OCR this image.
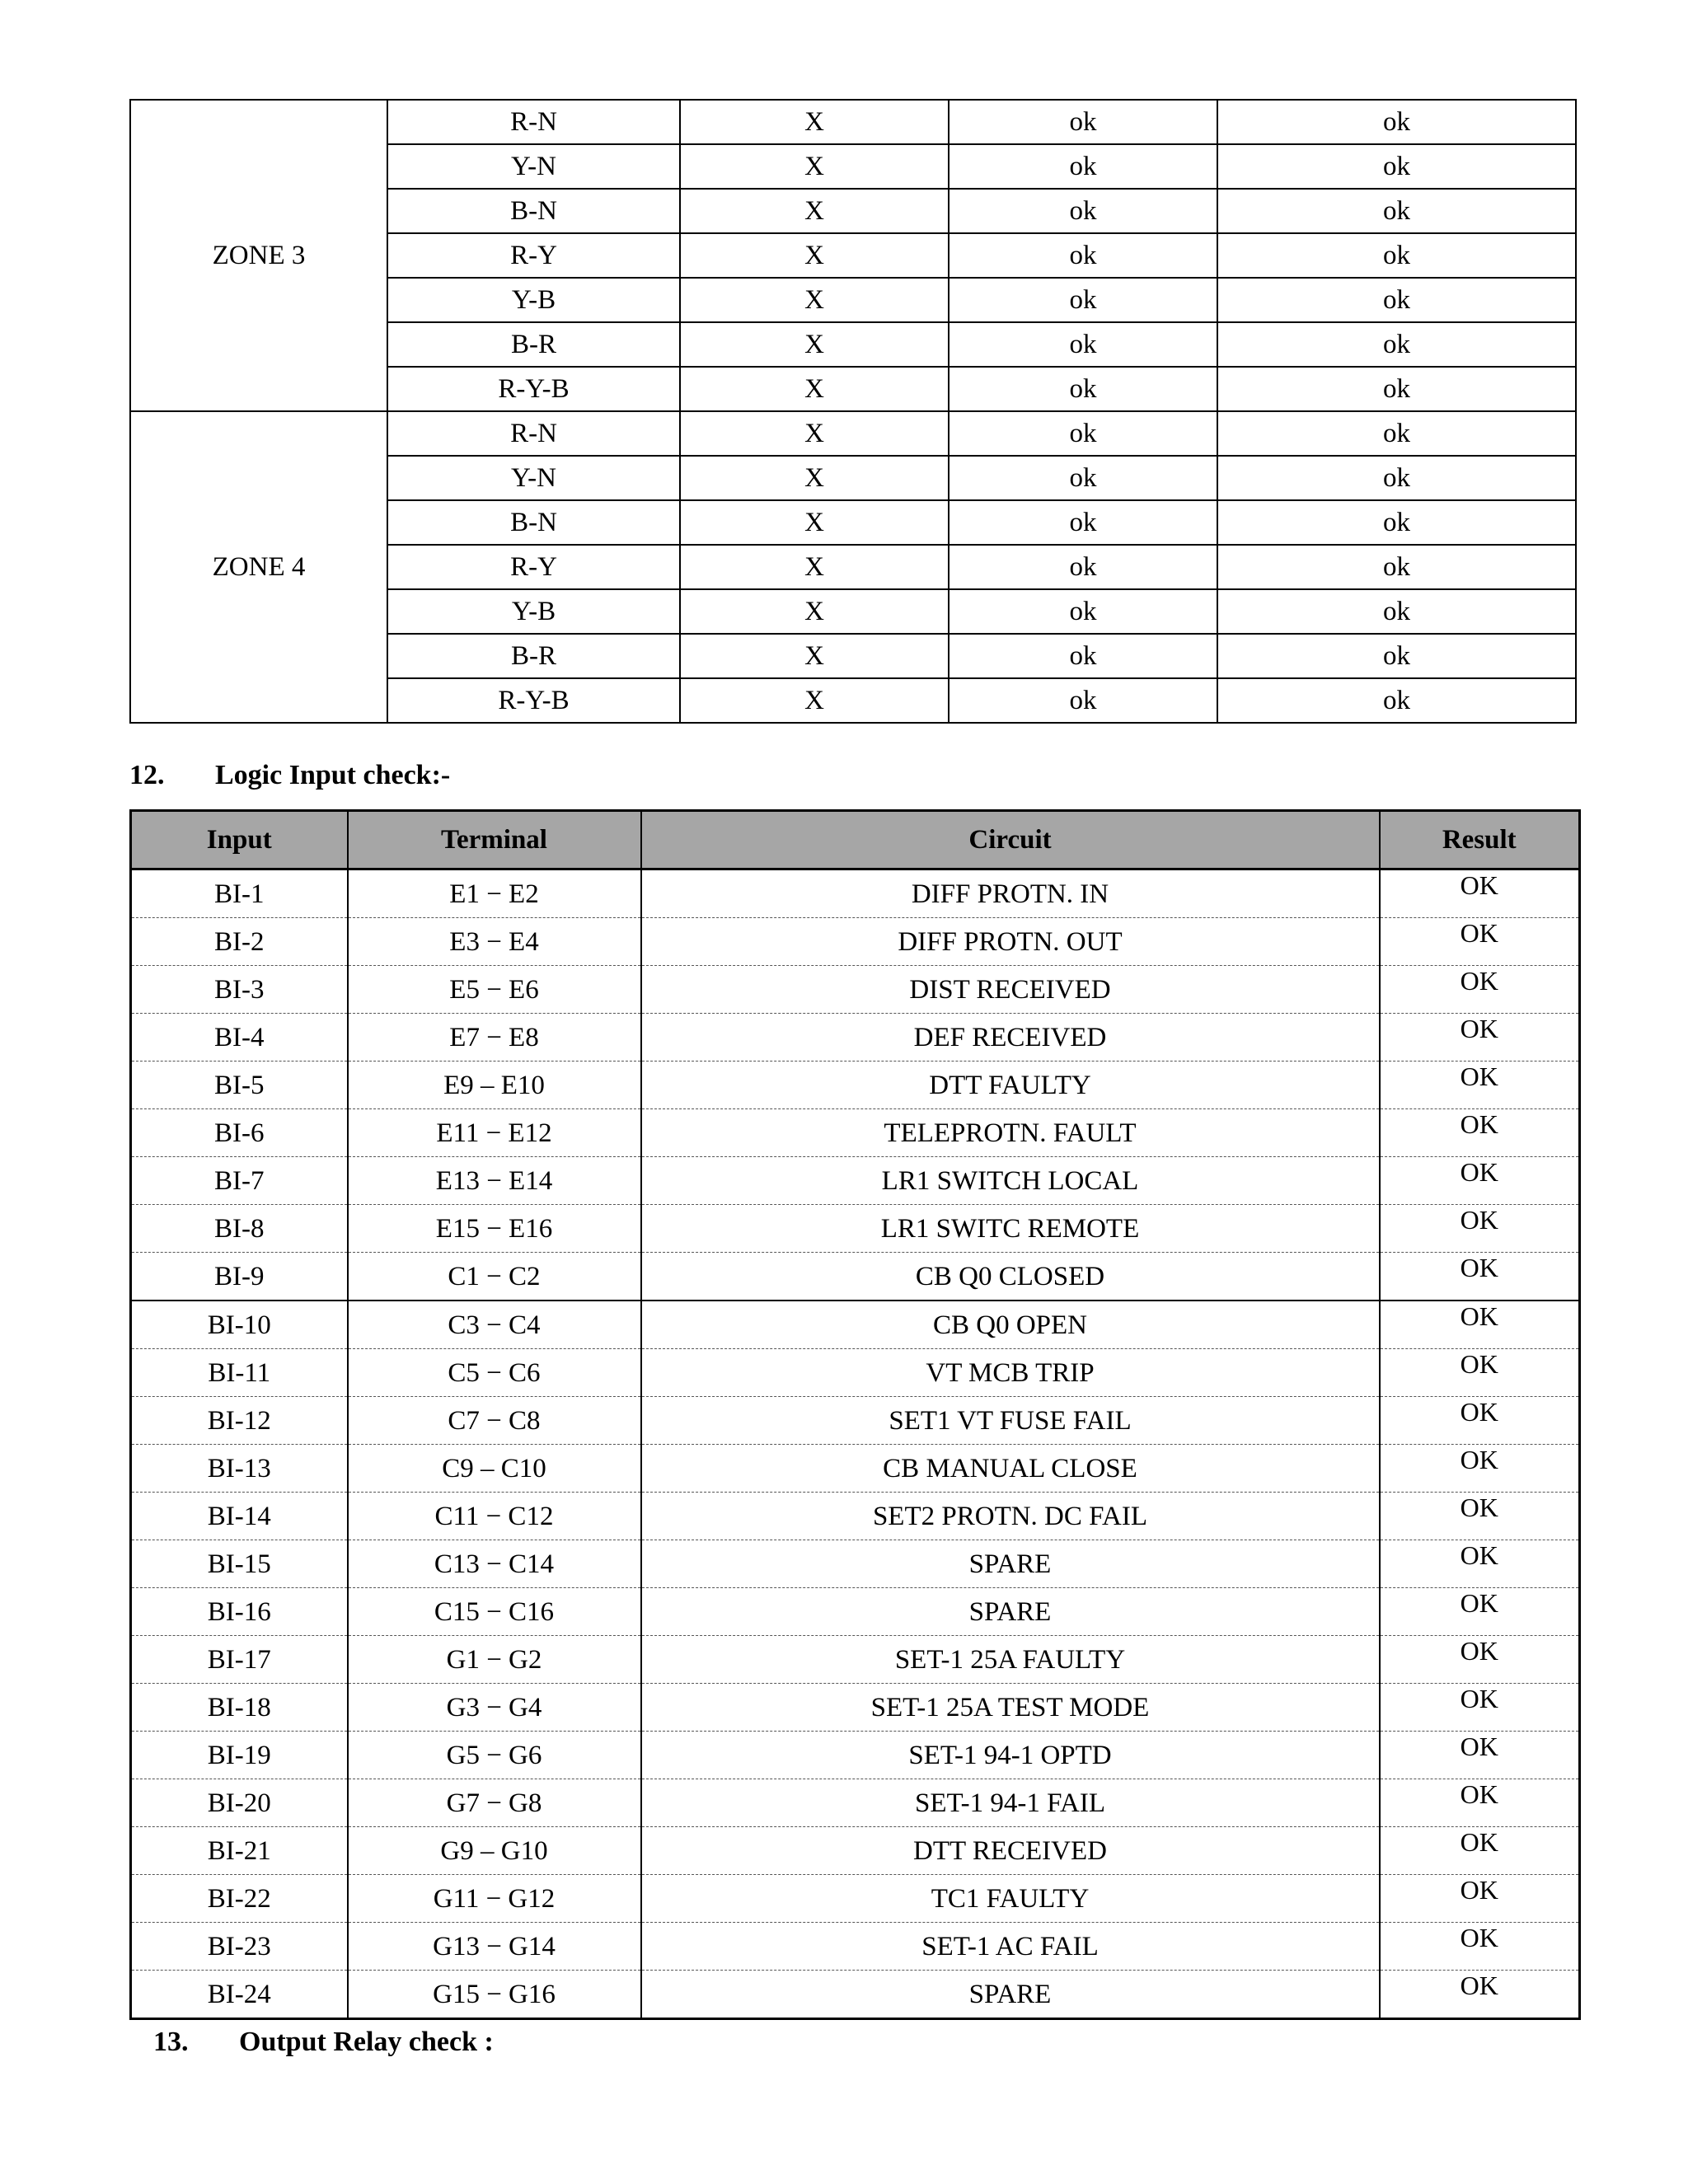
ZONE 3	R-N	X	ok	ok
	Y-N	X	ok	ok
	B-N	X	ok	ok
	R-Y	X	ok	ok
	Y-B	X	ok	ok
	B-R	X	ok	ok
	R-Y-B	X	ok	ok
ZONE 4	R-N	X	ok	ok
	Y-N	X	ok	ok
	B-N	X	ok	ok
	R-Y	X	ok	ok
	Y-B	X	ok	ok
	B-R	X	ok	ok
	R-Y-B	X	ok	ok
12. Logic Input check:-
Input	Terminal	Circuit	Result
BI-1	E1 − E2	DIFF PROTN. IN	OK
BI-2	E3 − E4	DIFF PROTN. OUT	OK
BI-3	E5 − E6	DIST RECEIVED	OK
BI-4	E7 − E8	DEF RECEIVED	OK
BI-5	E9 – E10	DTT FAULTY	OK
BI-6	E11 − E12	TELEPROTN. FAULT	OK
BI-7	E13 − E14	LR1 SWITCH LOCAL	OK
BI-8	E15 − E16	LR1 SWITC REMOTE	OK
BI-9	C1 − C2	CB Q0 CLOSED	OK
BI-10	C3 − C4	CB Q0 OPEN	OK
BI-11	C5 − C6	VT MCB TRIP	OK
BI-12	C7 − C8	SET1 VT FUSE FAIL	OK
BI-13	C9 – C10	CB MANUAL CLOSE	OK
BI-14	C11 − C12	SET2 PROTN. DC FAIL	OK
BI-15	C13 − C14	SPARE	OK
BI-16	C15 − C16	SPARE	OK
BI-17	G1 − G2	SET-1 25A FAULTY	OK
BI-18	G3 − G4	SET-1 25A TEST MODE	OK
BI-19	G5 − G6	SET-1 94-1 OPTD	OK
BI-20	G7 − G8	SET-1 94-1 FAIL	OK
BI-21	G9 – G10	DTT RECEIVED	OK
BI-22	G11 − G12	TC1 FAULTY	OK
BI-23	G13 − G14	SET-1 AC FAIL	OK
BI-24	G15 − G16	SPARE	OK
13. Output Relay check :
